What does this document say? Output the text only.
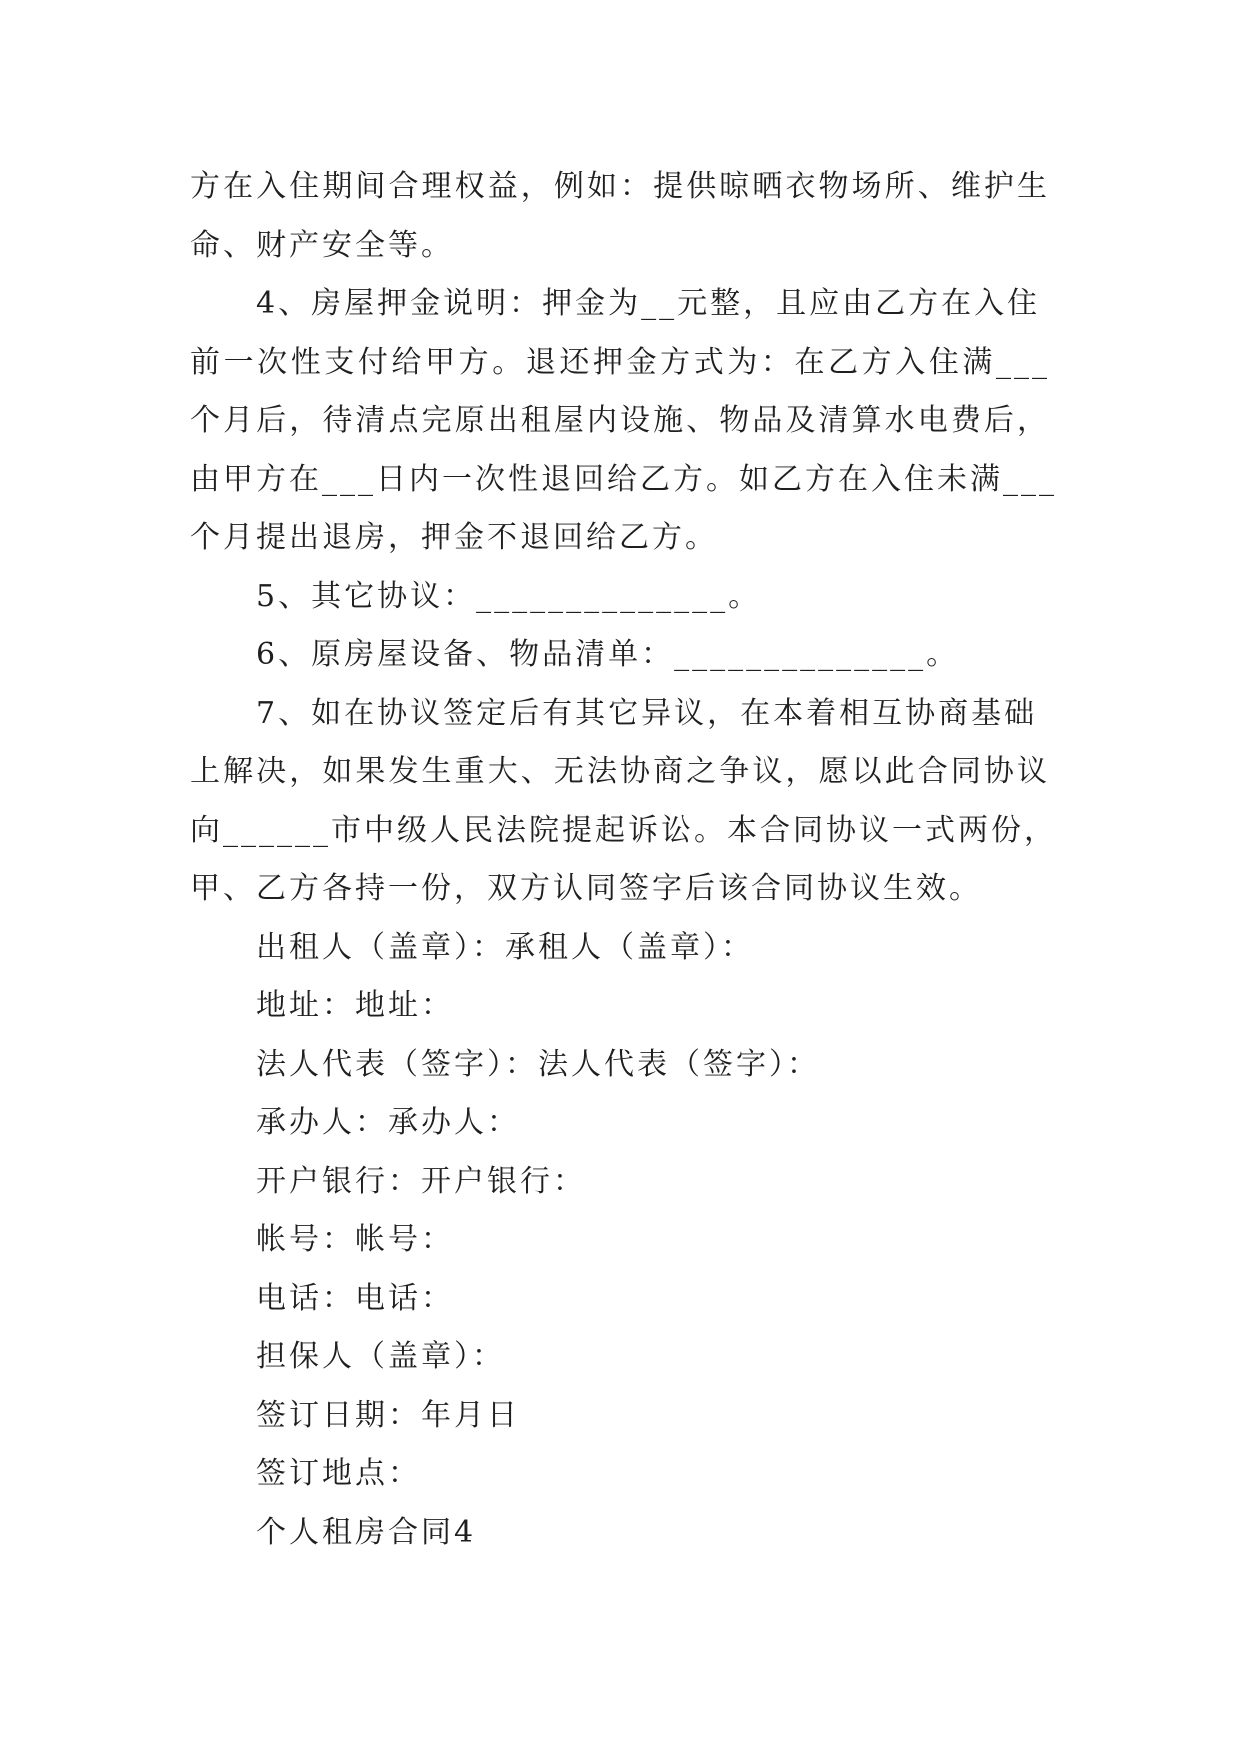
方在入住期间合理权益，例如：提供晾晒衣物场所、维护生
命、财产安全等。
4、房屋押金说明：押金为__元整，且应由乙方在入住
前一次性支付给甲方。退还押金方式为：在乙方入住满___
个月后，待清点完原出租屋内设施、物品及清算水电费后，
由甲方在___日内一次性退回给乙方。如乙方在入住未满___
个月提出退房，押金不退回给乙方。
5、其它协议：______________。
6、原房屋设备、物品清单：______________。
7、如在协议签定后有其它异议，在本着相互协商基础
上解决，如果发生重大、无法协商之争议，愿以此合同协议
向______市中级人民法院提起诉讼。本合同协议一式两份，
甲、乙方各持一份，双方认同签字后该合同协议生效。
出租人（盖章）：承租人（盖章）：
地址：地址：
法人代表（签字）：法人代表（签字）：
承办人：承办人：
开户银行：开户银行：
帐号：帐号：
电话：电话：
担保人（盖章）：
签订日期：年月日
签订地点：
个人租房合同4
